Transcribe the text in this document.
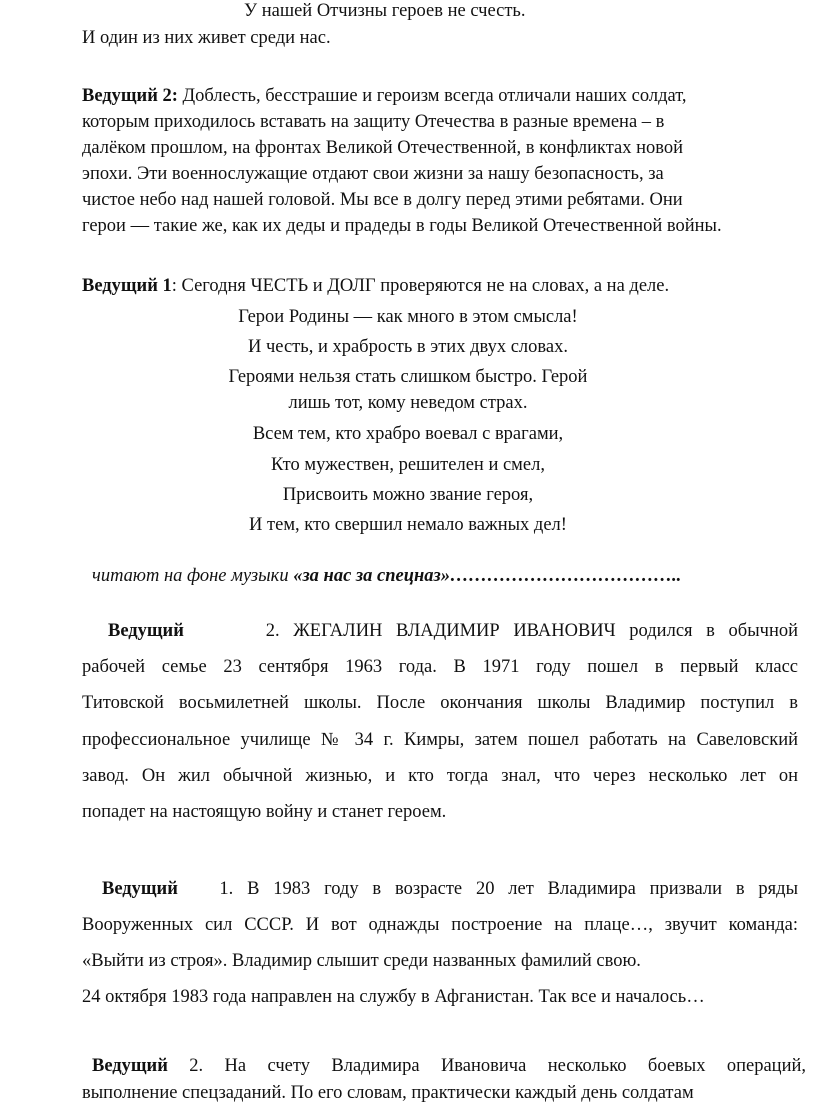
У нашей Отчизны героев не счесть.
И один из них живет среди нас.
Ведущий 2: Доблесть, бесстрашие и героизм всегда отличали наших солдат,
которым приходилось вставать на защиту Отечества в разные времена – в
далёком прошлом, на фронтах Великой Отечественной, в конфликтах новой
эпохи. Эти военнослужащие отдают свои жизни за нашу безопасность, за
чистое небо над нашей головой. Мы все в долгу перед этими ребятами. Они
герои — такие же, как их деды и прадеды в годы Великой Отечественной войны.
Ведущий 1: Сегодня ЧЕСТЬ и ДОЛГ проверяются не на словах, а на деле.
Герои Родины — как много в этом смысла!
И честь, и храбрость в этих двух словах.
Героями нельзя стать слишком быстро. Герой
лишь тот, кому неведом страх.
Всем тем, кто храбро воевал с врагами,
Кто мужествен, решителен и смел,
Присвоить можно звание героя,
И тем, кто свершил немало важных дел!
читают на фоне музыки «за нас за спецназ»………………………………..
Ведущий	2. ЖЕГАЛИН ВЛАДИМИР ИВАНОВИЧ родился в обычной
рабочей семье 23 сентября 1963 года. В 1971 году пошел в первый класс
Титовской восьмилетней школы. После окончания школы Владимир поступил в
профессиональное училище № 34 г. Кимры, затем пошел работать на Савеловский
завод. Он жил обычной жизнью, и кто тогда знал, что через несколько лет он
попадет на настоящую войну и станет героем.
Ведущий 1. В 1983 году в возрасте 20 лет Владимира призвали в ряды
Вооруженных сил СССР. И вот однажды построение на плаце…, звучит команда:
«Выйти из строя». Владимир слышит среди названных фамилий свою.
24 октября 1983 года направлен на службу в Афганистан. Так все и началось…
Ведущий 2. На счету Владимира Ивановича несколько боевых операций,
выполнение спецзаданий. По его словам, практически каждый день солдатам
